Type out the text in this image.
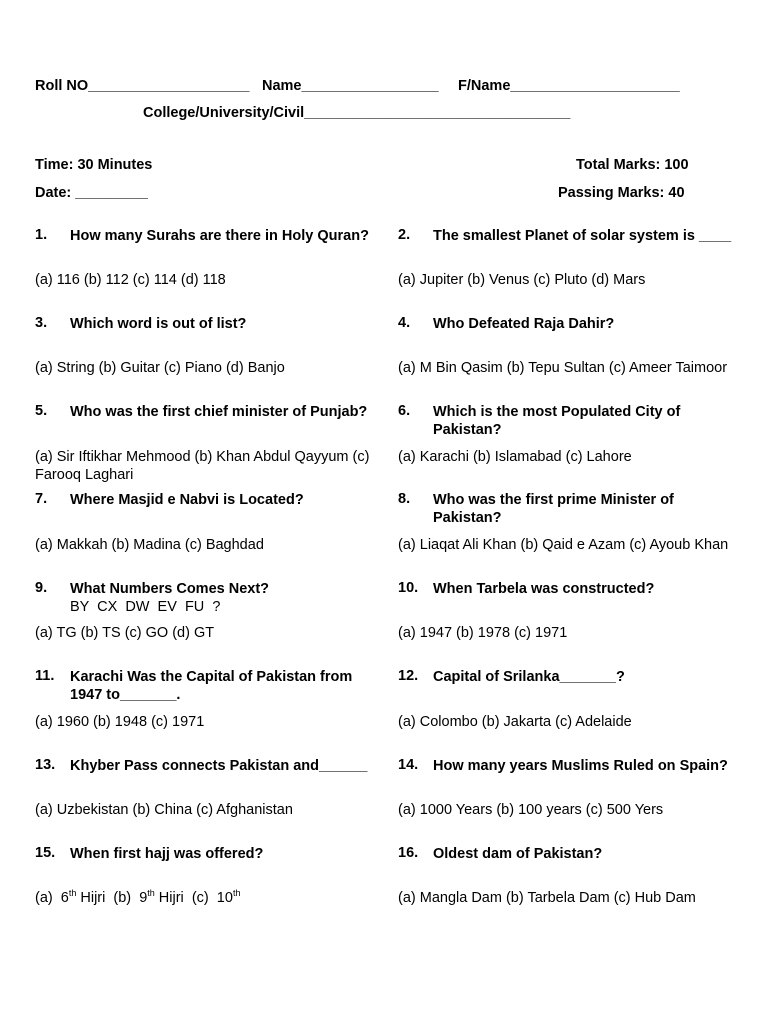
Roll NO____________________ Name_________________ F/Name_____________________
College/University/Civil_________________________________
Time: 30 Minutes	Total Marks: 100
Date: _________	Passing Marks: 40
1. How many Surahs are there in Holy Quran?
(a) 116 (b) 112 (c) 114 (d) 118
2. The smallest Planet of solar system is ____
(a) Jupiter (b) Venus (c) Pluto (d) Mars
3. Which word is out of list?
(a) String (b) Guitar (c) Piano (d) Banjo
4. Who Defeated Raja Dahir?
(a) M Bin Qasim (b) Tepu Sultan (c) Ameer Taimoor
5. Who was the first chief minister of Punjab?
(a) Sir Iftikhar Mehmood (b) Khan Abdul Qayyum (c) Farooq Laghari
6. Which is the most Populated City of Pakistan?
(a) Karachi (b) Islamabad (c) Lahore
7. Where Masjid e Nabvi is Located?
(a) Makkah (b) Madina (c) Baghdad
8. Who was the first prime Minister of Pakistan?
(a) Liaqat Ali Khan (b) Qaid e Azam (c) Ayoub Khan
9. What Numbers Comes Next?
BY  CX  DW  EV  FU  ?
(a) TG (b) TS (c) GO (d) GT
10. When Tarbela was constructed?
(a) 1947 (b) 1978 (c) 1971
11. Karachi Was the Capital of Pakistan from 1947 to_______.
(a) 1960 (b) 1948 (c) 1971
12. Capital of Srilanka_______?
(a) Colombo (b) Jakarta (c) Adelaide
13. Khyber Pass connects Pakistan and______
(a) Uzbekistan (b) China (c) Afghanistan
14. How many years Muslims Ruled on Spain?
(a) 1000 Years (b) 100 years (c) 500 Yers
15. When first hajj was offered?
(a)  6th Hijri  (b)  9th Hijri  (c)  10th
16. Oldest dam of Pakistan?
(a) Mangla Dam (b) Tarbela Dam (c) Hub Dam
